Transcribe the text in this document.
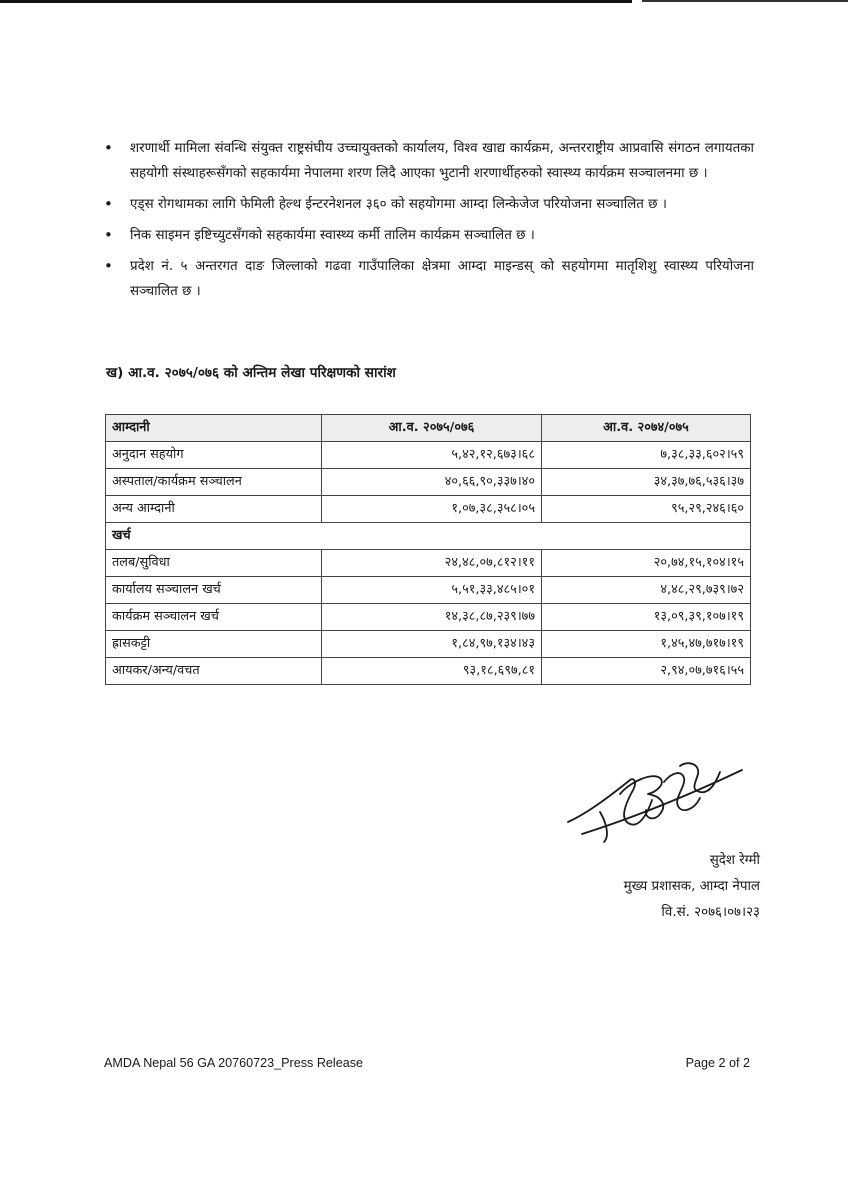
• शरणार्थी मामिला संवन्धि संयुक्त राष्ट्रसंघीय उच्चायुक्तको कार्यालय, विश्व खाद्य कार्यक्रम, अन्तरराष्ट्रीय आप्रवासि संगठन लगायतका सहयोगी संस्थाहरूसँगको सहकार्यमा नेपालमा शरण लिदै आएका भुटानी शरणार्थीहरुको स्वास्थ्य कार्यक्रम सञ्चालनमा छ ।
• एड्स रोगथामका लागि फेमिली हेल्थ ईन्टरनेशनल ३६० को सहयोगमा आम्दा लिन्केजेज परियोजना सञ्चालित छ ।
• निक साइमन इष्टिच्युटसँगको सहकार्यमा स्वास्थ्य कर्मी तालिम कार्यक्रम सञ्चालित छ ।
• प्रदेश नं. ५ अन्तरगत दाङ जिल्लाको गढवा गाउँपालिका क्षेत्रमा आम्दा माइन्डस् को सहयोगमा मातृशिशु स्वास्थ्य परियोजना सञ्चालित छ ।
ख) आ.व. २०७५/०७६ को अन्तिम लेखा परिक्षणको सारांश
आम्दानी	आ.व. २०७५/०७६	आ.व. २०७४/०७५
अनुदान सहयोग	५,४२,१२,६७३।६८	७,३८,३३,६०२।५९
अस्पताल/कार्यक्रम सञ्चालन	४०,६६,९०,३३७।४०	३४,३७,७६,५३६।३७
अन्य आम्दानी	१,०७,३८,३५८।०५	९५,२९,२४६।६०
खर्च		
तलब/सुविधा	२४,४८,०७,८१२।११	२०,७४,१५,१०४।१५
कार्यालय सञ्चालन खर्च	५,५१,३३,४८५।०१	४,४८,२९,७३९।७२
कार्यक्रम सञ्चालन खर्च	१४,३८,८७,२३९।७७	१३,०९,३९,१०७।१९
ह्रासकट्टी	१,८४,९७,१३४।४३	१,४५,४७,७१७।१९
आयकर/अन्य/वचत	९३,१८,६९७,८१	२,९४,०७,७१६।५५
सुदेश रेग्मी
मुख्य प्रशासक, आम्दा नेपाल
वि.सं. २०७६।०७।२३
AMDA Nepal 56 GA 20760723_Press Release	Page 2 of 2
